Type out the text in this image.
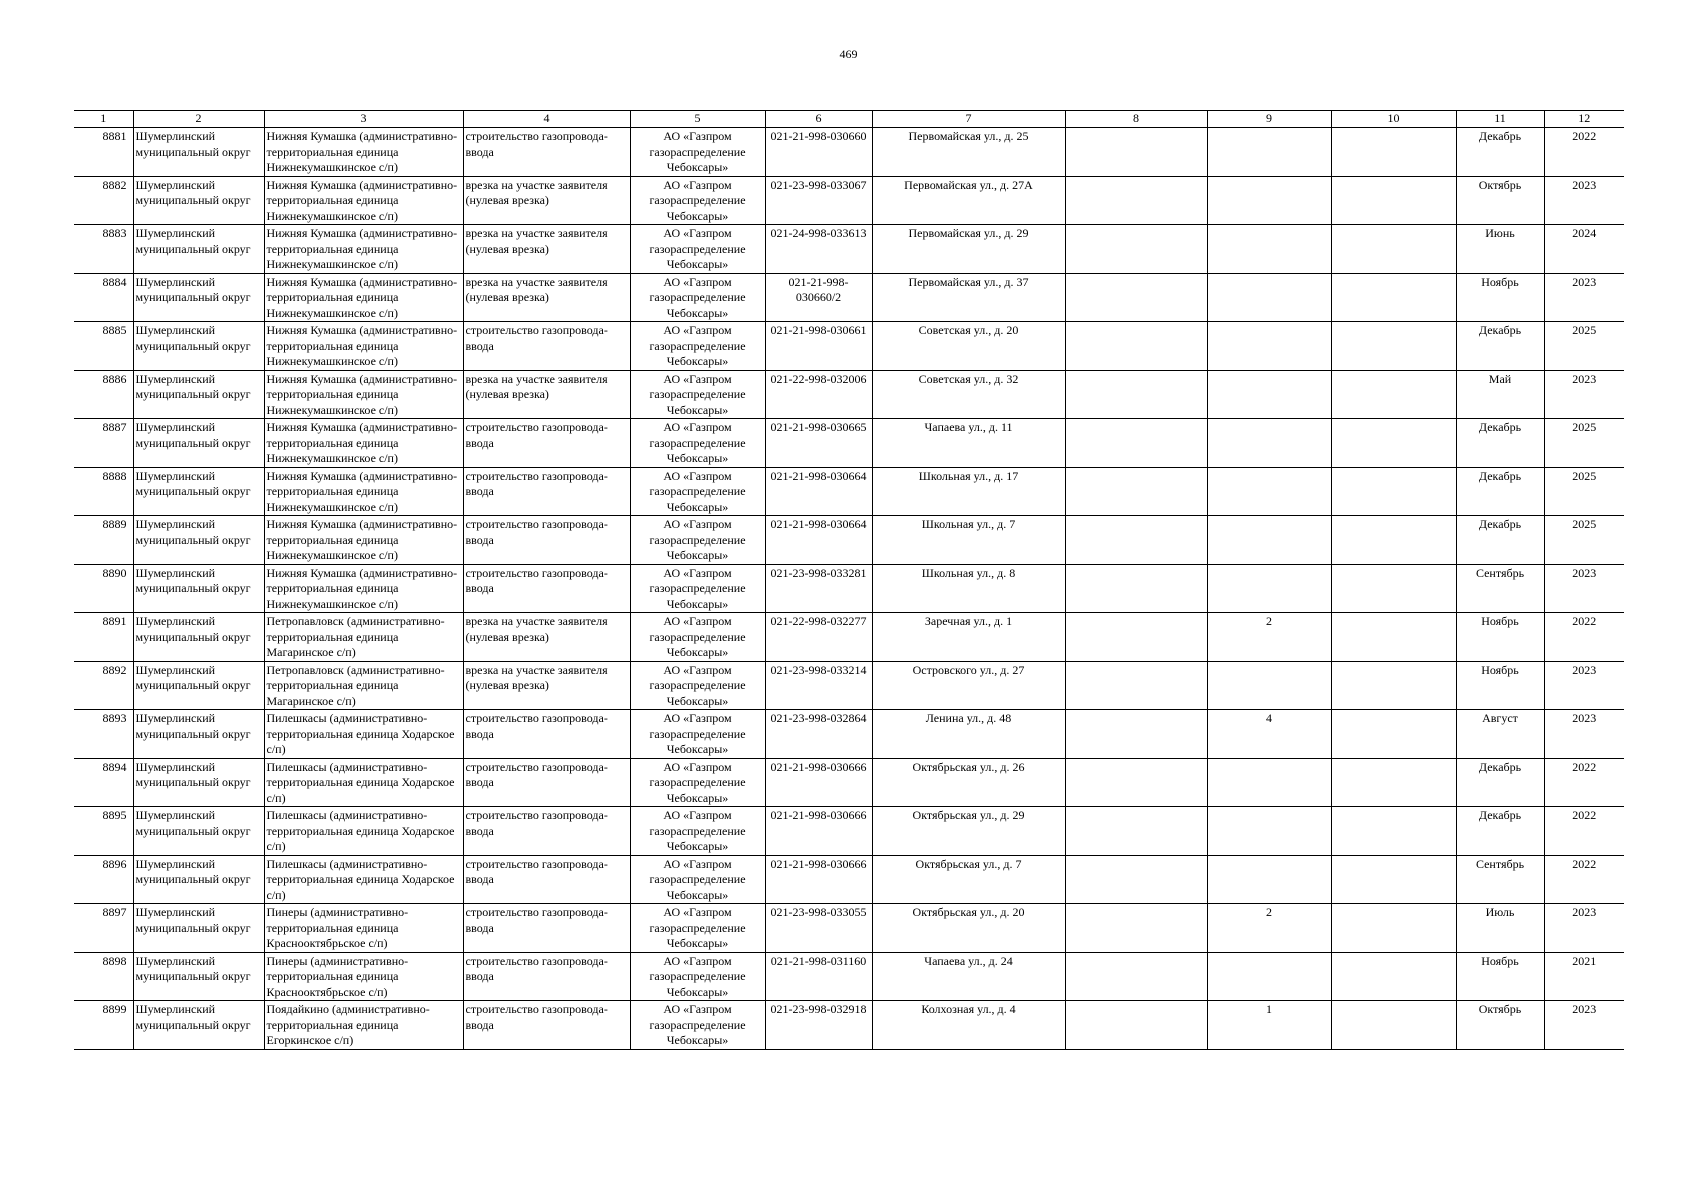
469
1	2	3	4	5	6	7	8	9	10	11	12
8881	Шумерлинский муниципальный округ	Нижняя Кумашка (административно-территориальная единица Нижнекумашкинское с/п)	строительство газопровода-ввода	АО «Газпром газораспределение Чебоксары»	021-21-998-030660	Первомайская ул., д. 25				Декабрь	2022
8882	Шумерлинский муниципальный округ	Нижняя Кумашка (административно-территориальная единица Нижнекумашкинское с/п)	врезка на участке заявителя (нулевая врезка)	АО «Газпром газораспределение Чебоксары»	021-23-998-033067	Первомайская ул., д. 27А				Октябрь	2023
8883	Шумерлинский муниципальный округ	Нижняя Кумашка (административно-территориальная единица Нижнекумашкинское с/п)	врезка на участке заявителя (нулевая врезка)	АО «Газпром газораспределение Чебоксары»	021-24-998-033613	Первомайская ул., д. 29				Июнь	2024
8884	Шумерлинский муниципальный округ	Нижняя Кумашка (административно-территориальная единица Нижнекумашкинское с/п)	врезка на участке заявителя (нулевая врезка)	АО «Газпром газораспределение Чебоксары»	021-21-998-030660/2	Первомайская ул., д. 37				Ноябрь	2023
8885	Шумерлинский муниципальный округ	Нижняя Кумашка (административно-территориальная единица Нижнекумашкинское с/п)	строительство газопровода-ввода	АО «Газпром газораспределение Чебоксары»	021-21-998-030661	Советская ул., д. 20				Декабрь	2025
8886	Шумерлинский муниципальный округ	Нижняя Кумашка (административно-территориальная единица Нижнекумашкинское с/п)	врезка на участке заявителя (нулевая врезка)	АО «Газпром газораспределение Чебоксары»	021-22-998-032006	Советская ул., д. 32				Май	2023
8887	Шумерлинский муниципальный округ	Нижняя Кумашка (административно-территориальная единица Нижнекумашкинское с/п)	строительство газопровода-ввода	АО «Газпром газораспределение Чебоксары»	021-21-998-030665	Чапаева ул., д. 11				Декабрь	2025
8888	Шумерлинский муниципальный округ	Нижняя Кумашка (административно-территориальная единица Нижнекумашкинское с/п)	строительство газопровода-ввода	АО «Газпром газораспределение Чебоксары»	021-21-998-030664	Школьная ул., д. 17				Декабрь	2025
8889	Шумерлинский муниципальный округ	Нижняя Кумашка (административно-территориальная единица Нижнекумашкинское с/п)	строительство газопровода-ввода	АО «Газпром газораспределение Чебоксары»	021-21-998-030664	Школьная ул., д. 7				Декабрь	2025
8890	Шумерлинский муниципальный округ	Нижняя Кумашка (административно-территориальная единица Нижнекумашкинское с/п)	строительство газопровода-ввода	АО «Газпром газораспределение Чебоксары»	021-23-998-033281	Школьная ул., д. 8				Сентябрь	2023
8891	Шумерлинский муниципальный округ	Петропавловск (административно-территориальная единица Магаринское с/п)	врезка на участке заявителя (нулевая врезка)	АО «Газпром газораспределение Чебоксары»	021-22-998-032277	Заречная ул., д. 1		2		Ноябрь	2022
8892	Шумерлинский муниципальный округ	Петропавловск (административно-территориальная единица Магаринское с/п)	врезка на участке заявителя (нулевая врезка)	АО «Газпром газораспределение Чебоксары»	021-23-998-033214	Островского ул., д. 27				Ноябрь	2023
8893	Шумерлинский муниципальный округ	Пилешкасы (административно-территориальная единица Ходарское с/п)	строительство газопровода-ввода	АО «Газпром газораспределение Чебоксары»	021-23-998-032864	Ленина ул., д. 48		4		Август	2023
8894	Шумерлинский муниципальный округ	Пилешкасы (административно-территориальная единица Ходарское с/п)	строительство газопровода-ввода	АО «Газпром газораспределение Чебоксары»	021-21-998-030666	Октябрьская ул., д. 26				Декабрь	2022
8895	Шумерлинский муниципальный округ	Пилешкасы (административно-территориальная единица Ходарское с/п)	строительство газопровода-ввода	АО «Газпром газораспределение Чебоксары»	021-21-998-030666	Октябрьская ул., д. 29				Декабрь	2022
8896	Шумерлинский муниципальный округ	Пилешкасы (административно-территориальная единица Ходарское с/п)	строительство газопровода-ввода	АО «Газпром газораспределение Чебоксары»	021-21-998-030666	Октябрьская ул., д. 7				Сентябрь	2022
8897	Шумерлинский муниципальный округ	Пинеры (административно-территориальная единица Краснооктябрьское с/п)	строительство газопровода-ввода	АО «Газпром газораспределение Чебоксары»	021-23-998-033055	Октябрьская ул., д. 20		2		Июль	2023
8898	Шумерлинский муниципальный округ	Пинеры (административно-территориальная единица Краснооктябрьское с/п)	строительство газопровода-ввода	АО «Газпром газораспределение Чебоксары»	021-21-998-031160	Чапаева ул., д. 24				Ноябрь	2021
8899	Шумерлинский муниципальный округ	Поядайкино (административно-территориальная единица Егоркинское с/п)	строительство газопровода-ввода	АО «Газпром газораспределение Чебоксары»	021-23-998-032918	Колхозная ул., д. 4		1		Октябрь	2023
